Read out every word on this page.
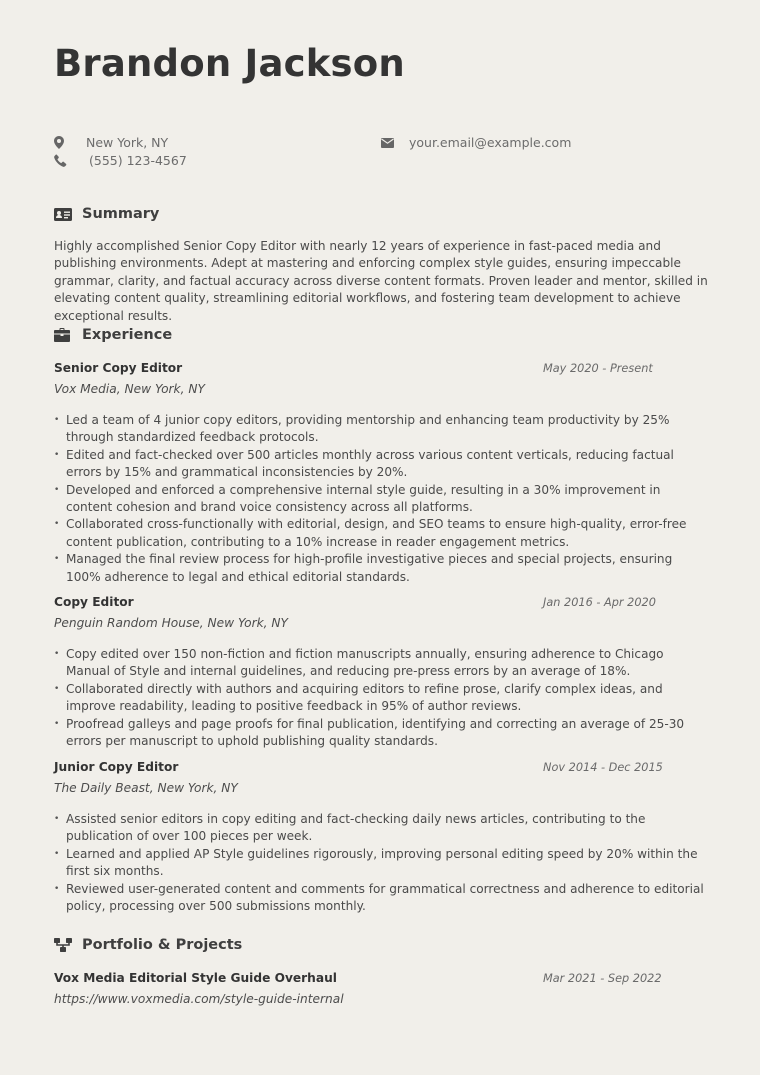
Brandon Jackson
New York, NY
(555) 123-4567
your.email@example.com
Summary

Highly accomplished Senior Copy Editor with nearly 12 years of experience in fast-paced media and publishing environments. Adept at mastering and enforcing complex style guides, ensuring impeccable grammar, clarity, and factual accuracy across diverse content formats. Proven leader and mentor, skilled in elevating content quality, streamlining editorial workflows, and fostering team development to achieve exceptional results.

Experience
Senior Copy Editor	May 2020 - Present
Vox Media, New York, NY
• Led a team of 4 junior copy editors, providing mentorship and enhancing team productivity by 25% through standardized feedback protocols.
• Edited and fact-checked over 500 articles monthly across various content verticals, reducing factual errors by 15% and grammatical inconsistencies by 20%.
• Developed and enforced a comprehensive internal style guide, resulting in a 30% improvement in content cohesion and brand voice consistency across all platforms.
• Collaborated cross-functionally with editorial, design, and SEO teams to ensure high-quality, error-free content publication, contributing to a 10% increase in reader engagement metrics.
• Managed the final review process for high-profile investigative pieces and special projects, ensuring 100% adherence to legal and ethical editorial standards.
Copy Editor	Jan 2016 - Apr 2020
Penguin Random House, New York, NY
• Copy edited over 150 non-fiction and fiction manuscripts annually, ensuring adherence to Chicago Manual of Style and internal guidelines, and reducing pre-press errors by an average of 18%.
• Collaborated directly with authors and acquiring editors to refine prose, clarify complex ideas, and improve readability, leading to positive feedback in 95% of author reviews.
• Proofread galleys and page proofs for final publication, identifying and correcting an average of 25-30 errors per manuscript to uphold publishing quality standards.
Junior Copy Editor	Nov 2014 - Dec 2015
The Daily Beast, New York, NY
• Assisted senior editors in copy editing and fact-checking daily news articles, contributing to the publication of over 100 pieces per week.
• Learned and applied AP Style guidelines rigorously, improving personal editing speed by 20% within the first six months.
• Reviewed user-generated content and comments for grammatical correctness and adherence to editorial policy, processing over 500 submissions monthly.
Portfolio & Projects
Vox Media Editorial Style Guide Overhaul	Mar 2021 - Sep 2022
https://www.voxmedia.com/style-guide-internal
